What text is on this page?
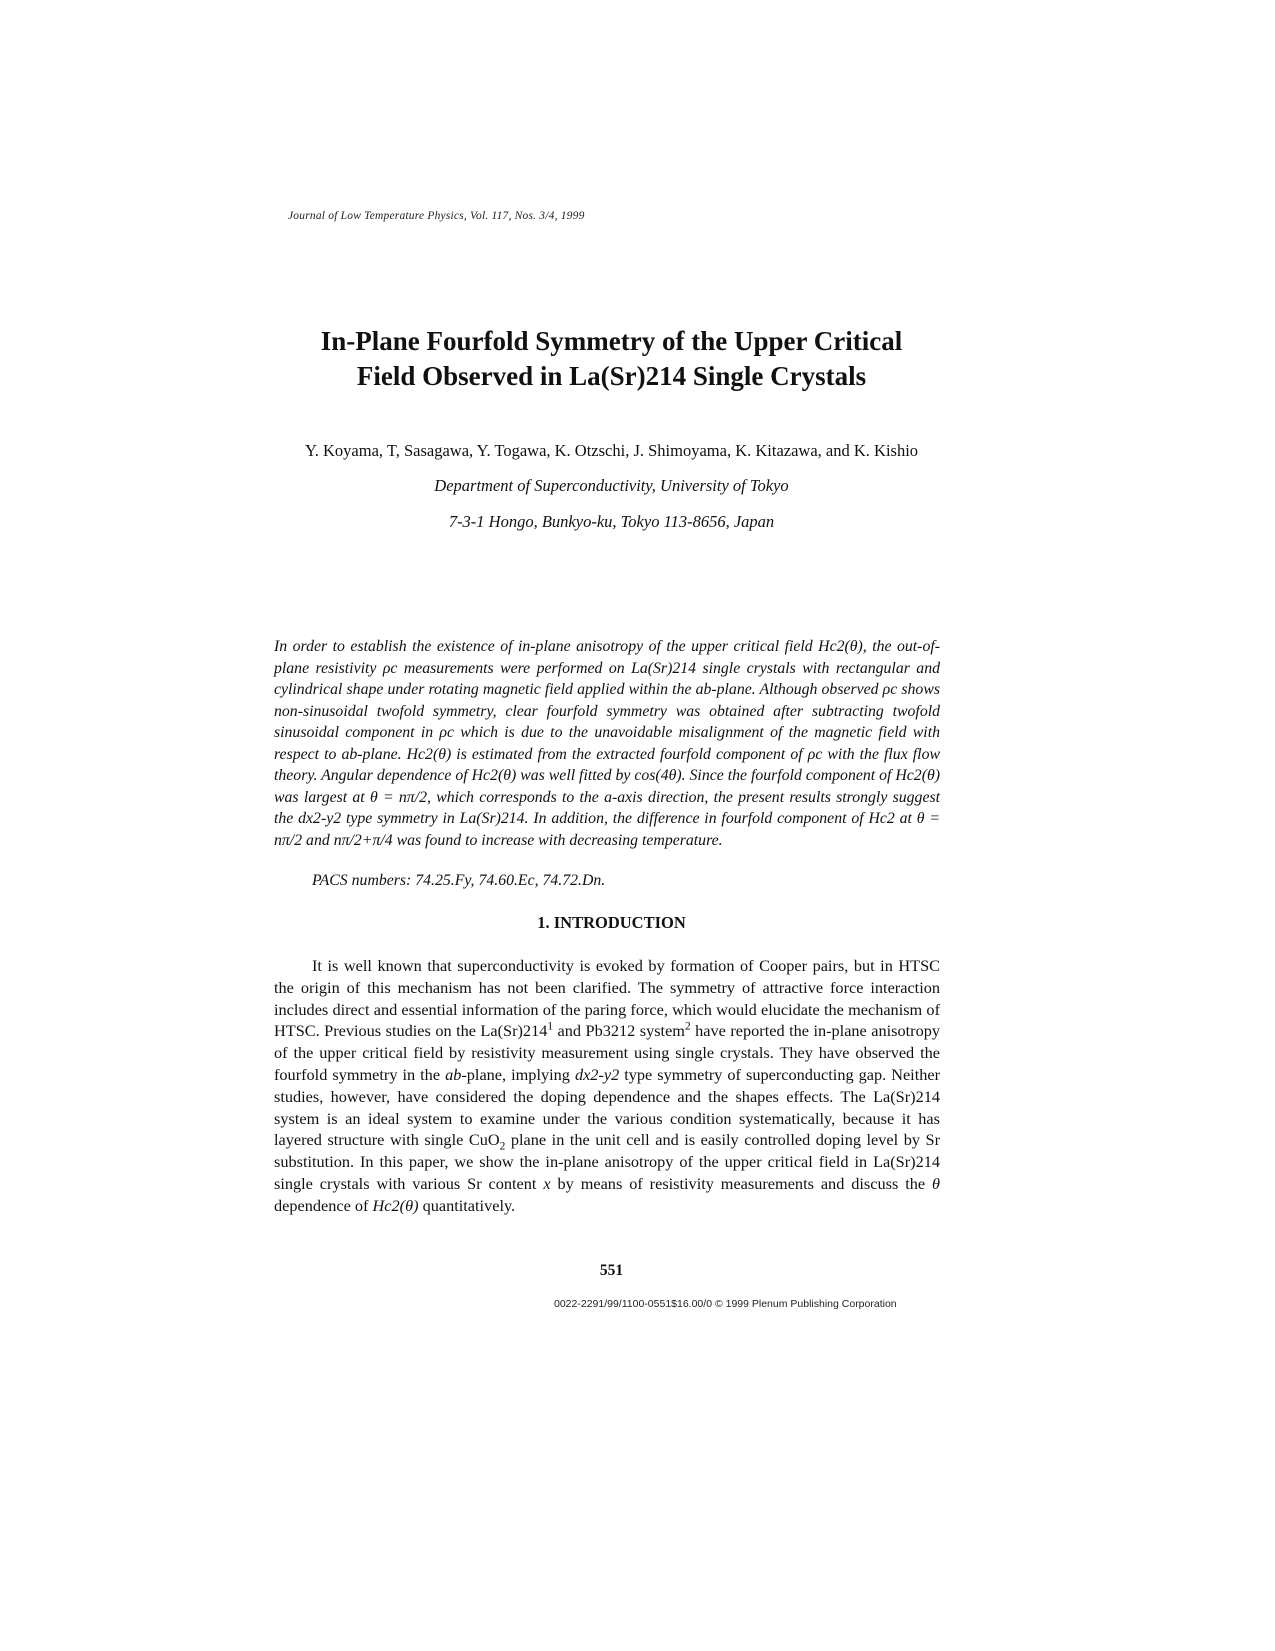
Journal of Low Temperature Physics, Vol. 117, Nos. 3/4, 1999
In-Plane Fourfold Symmetry of the Upper Critical
Field Observed in La(Sr)214 Single Crystals
Y. Koyama, T, Sasagawa, Y. Togawa, K. Otzschi, J. Shimoyama, K. Kitazawa, and K. Kishio
Department of Superconductivity, University of Tokyo
7-3-1 Hongo, Bunkyo-ku, Tokyo 113-8656, Japan

In order to establish the existence of in-plane anisotropy of the upper critical field Hc2(θ), the out-of-plane resistivity ρc measurements were performed on La(Sr)214 single crystals with rectangular and cylindrical shape under rotating magnetic field applied within the ab-plane. Although observed ρc shows non-sinusoidal twofold symmetry, clear fourfold symmetry was obtained after subtracting twofold sinusoidal component in ρc which is due to the unavoidable misalignment of the magnetic field with respect to ab-plane. Hc2(θ) is estimated from the extracted fourfold component of ρc with the flux flow theory. Angular dependence of Hc2(θ) was well fitted by cos(4θ). Since the fourfold component of Hc2(θ) was largest at θ = nπ/2, which corresponds to the a-axis direction, the present results strongly suggest the dx2-y2 type symmetry in La(Sr)214. In addition, the difference in fourfold component of Hc2 at θ = nπ/2 and nπ/2+π/4 was found to increase with decreasing temperature.

PACS numbers: 74.25.Fy, 74.60.Ec, 74.72.Dn.
1. INTRODUCTION

It is well known that superconductivity is evoked by formation of Cooper pairs, but in HTSC the origin of this mechanism has not been clarified. The symmetry of attractive force interaction includes direct and essential information of the paring force, which would elucidate the mechanism of HTSC. Previous studies on the $La(Sr)214^1$ and Pb3212 system$^2$ have reported the in-plane anisotropy of the upper critical field by resistivity measurement using single crystals. They have observed the fourfold symmetry in the ab-plane, implying dx2-y2 type symmetry of superconducting gap. Neither studies, however, have considered the doping dependence and the shapes effects. The La(Sr)214 system is an ideal system to examine under the various condition systematically, because it has layered structure with single CuO$_2$ plane in the unit cell and is easily controlled doping level by Sr substitution. In this paper, we show the in-plane anisotropy of the upper critical field in La(Sr)214 single crystals with various Sr content x by means of resistivity measurements and discuss the θ dependence of Hc2(θ) quantitatively.

551
0022-2291/99/1100-0551$16.00/0 © 1999 Plenum Publishing Corporation
